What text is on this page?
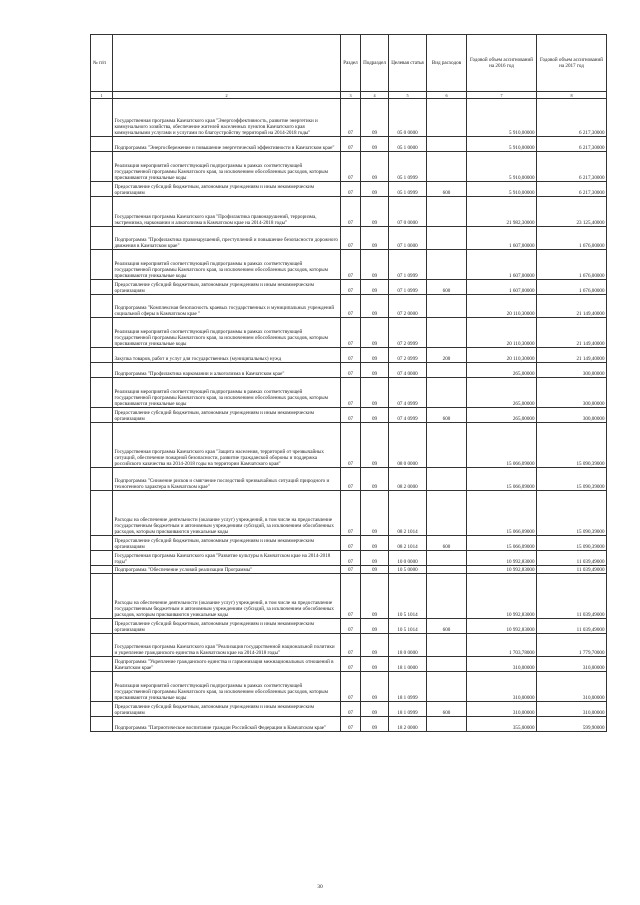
№ п/п		Раздел	Подраздел	Целевая статья	Вид расходов	Годовой объем ассигнований на 2016 год	Годовой объем ассигнований на 2017 год
1	2	3	4	5	6	7	8
	Государственная программа Камчатского края "Энергоэффективность, развитие энергетики и коммунального хозяйства, обеспечение жителей населенных пунктов Камчатского края коммунальными услугами и услугами по благоустройству территорий на 2014-2018 годы"	07	09	05 0 0000		5 910,00000	6 217,30000
	Подпрограмма "Энергосбережение и повышение энергетической эффективности в Камчатском крае"	07	09	05 1 0000		5 910,00000	6 217,30000
	Реализация мероприятий соответствующей подпрограммы в рамках соответствующей государственной программы Камчатского края, за исключением обособленных расходов, которым присваиваются уникальные коды	07	09	05 1 0999		5 910,00000	6 217,30000
	Предоставление субсидий бюджетным, автономным учреждениям и иным некоммерческим организациям	07	09	05 1 0999	600	5 910,00000	6 217,30000
	Государственная программа Камчатского края "Профилактика правонарушений, терроризма, экстремизма, наркомании и алкоголизма в Камчатском крае на 2014-2018 годы"	07	09	07 0 0000		21 982,30000	23 125,40000
	Подпрограмма "Профилактика правонарушений, преступлений и повышение безопасности дорожного движения в Камчатском крае"	07	09	07 1 0000		1 607,00000	1 676,00000
	Реализация мероприятий соответствующей подпрограммы в рамках соответствующей государственной программы Камчатского края, за исключением обособленных расходов, которым присваиваются уникальные коды	07	09	07 1 0999		1 607,00000	1 676,00000
	Предоставление субсидий бюджетным, автономным учреждениям и иным некоммерческим организациям	07	09	07 1 0999	600	1 607,00000	1 676,00000
	Подпрограмма "Комплексная безопасность краевых государственных и муниципальных учреждений социальной сферы в Камчатском крае "	07	09	07 2 0000		20 110,30000	21 149,40000
	Реализация мероприятий соответствующей подпрограммы в рамках соответствующей государственной программы Камчатского края, за исключением обособленных расходов, которым присваиваются уникальные коды	07	09	07 2 0999		20 110,30000	21 149,40000
	Закупка товаров, работ и услуг для государственных (муниципальных) нужд	07	09	07 2 0999	200	20 110,30000	21 149,40000
	Подпрограмма "Профилактика наркомании и алкоголизма в Камчатском крае"	07	09	07 4 0000		265,00000	300,00000
	Реализация мероприятий соответствующей подпрограммы в рамках соответствующей государственной программы Камчатского края, за исключением обособленных расходов, которым присваиваются уникальные коды	07	09	07 4 0999		265,00000	300,00000
	Предоставление субсидий бюджетным, автономным учреждениям и иным некоммерческим организациям	07	09	07 4 0999	600	265,00000	300,00000
	Государственная программа Камчатского края "Защита населения, территорий от чрезвычайных ситуаций, обеспечение пожарной безопасности, развитие гражданской обороны и поддержка российского казачества на 2014-2018 годы на территории Камчатского края"	07	09	08 0 0000		15 066,09000	15 090,39000
	Подпрограмма "Снижение рисков и смягчение последствий чрезвычайных ситуаций природного и техногенного характера в Камчатском крае"	07	09	08 2 0000		15 066,09000	15 090,39000
	Расходы на обеспечение деятельности (оказание услуг) учреждений, в том числе на предоставление государственным бюджетным и автономным учреждениям субсидий, за исключением обособленных расходов, которым присваиваются уникальные коды	07	09	08 2 1014		15 066,09000	15 090,39000
	Предоставление субсидий бюджетным, автономным учреждениям и иным некоммерческим организациям	07	09	08 2 1014	600	15 066,09000	15 090,39000
	Государственная программа Камчатского края "Развитие культуры в Камчатском крае на 2014-2018 годы"	07	09	10 0 0000		10 992,83000	11 039,49000
	Подпрограмма "Обеспечение условий реализации Программы"	07	09	10 5 0000		10 992,83000	11 039,49000
	Расходы на обеспечение деятельности (оказание услуг) учреждений, в том числе на предоставление государственным бюджетным и автономным учреждениям субсидий, за исключением обособленных расходов, которым присваиваются уникальные коды	07	09	10 5 1014		10 992,83000	11 039,49000
	Предоставление субсидий бюджетным, автономным учреждениям и иным некоммерческим организациям	07	09	10 5 1014	600	10 992,83000	11 039,49000
	Государственная программа Камчатского края "Реализация государственной национальной политики и укрепление гражданского единства в Камчатском крае на 2014-2018 годы"	07	09	18 0 0000		1 703,78000	1 779,70000
	Подпрограмма "Укрепление гражданского единства и гармонизация межнациональных отношений в Камчатском крае"	07	09	18 1 0000		310,00000	310,00000
	Реализация мероприятий соответствующей подпрограммы в рамках соответствующей государственной программы Камчатского края, за исключением обособленных расходов, которым присваиваются уникальные коды	07	09	18 1 0999		310,00000	310,00000
	Предоставление субсидий бюджетным, автономным учреждениям и иным некоммерческим организациям	07	09	18 1 0999	600	310,00000	310,00000
	Подпрограмма "Патриотическое воспитание граждан Российской Федерации в Камчатском крае"	07	09	18 2 0000		355,00000	599,90000
30
